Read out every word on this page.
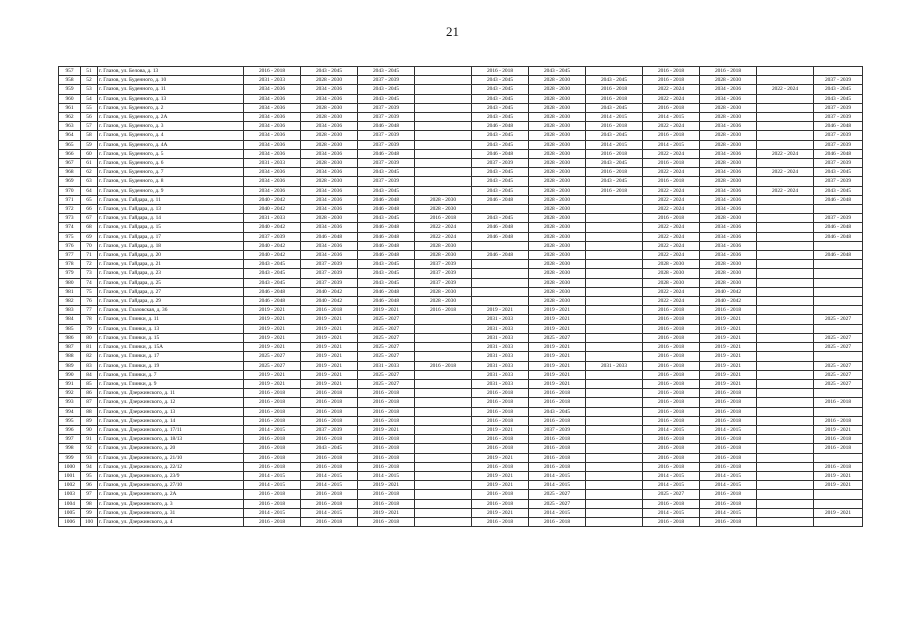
21
957	51	г. Глазов, ул. Белова, д. 13	2016 - 2018	2043 - 2045	2043 - 2045		2016 - 2018	2043 - 2045		2016 - 2018	2016 - 2018		
958	52	г. Глазов, ул. Буденного, д. 10	2031 - 2033	2028 - 2030	2037 - 2039		2043 - 2045	2028 - 2030	2043 - 2045	2016 - 2018	2028 - 2030		2037 - 2039
959	53	г. Глазов, ул. Буденного, д. 11	2034 - 2036	2034 - 2036	2043 - 2045		2043 - 2045	2028 - 2030	2016 - 2018	2022 - 2024	2034 - 2036	2022 - 2024	2043 - 2045
960	54	г. Глазов, ул. Буденного, д. 13	2034 - 2036	2034 - 2036	2043 - 2045		2043 - 2045	2028 - 2030	2016 - 2018	2022 - 2024	2034 - 2036		2043 - 2045
961	55	г. Глазов, ул. Буденного, д. 2	2034 - 2036	2028 - 2030	2037 - 2039		2043 - 2045	2028 - 2030	2043 - 2045	2016 - 2018	2028 - 2030		2037 - 2039
962	56	г. Глазов, ул. Буденного, д. 2А	2034 - 2036	2028 - 2030	2037 - 2039		2043 - 2045	2028 - 2030	2014 - 2015	2014 - 2015	2028 - 2030		2037 - 2039
963	57	г. Глазов, ул. Буденного, д. 3	2034 - 2036	2034 - 2036	2046 - 2048		2046 - 2048	2028 - 2030	2016 - 2018	2022 - 2024	2034 - 2036		2046 - 2048
964	58	г. Глазов, ул. Буденного, д. 4	2034 - 2036	2028 - 2030	2037 - 2039		2043 - 2045	2028 - 2030	2043 - 2045	2016 - 2018	2028 - 2030		2037 - 2039
965	59	г. Глазов, ул. Буденного, д. 4А	2034 - 2036	2028 - 2030	2037 - 2039		2043 - 2045	2028 - 2030	2014 - 2015	2014 - 2015	2028 - 2030		2037 - 2039
966	60	г. Глазов, ул. Буденного, д. 5	2034 - 2036	2034 - 2036	2046 - 2048		2046 - 2048	2028 - 2030	2016 - 2018	2022 - 2024	2034 - 2036	2022 - 2024	2046 - 2048
967	61	г. Глазов, ул. Буденного, д. 6	2031 - 2033	2028 - 2030	2037 - 2039		2037 - 2039	2028 - 2030	2043 - 2045	2016 - 2018	2028 - 2030		2037 - 2039
968	62	г. Глазов, ул. Буденного, д. 7	2034 - 2036	2034 - 2036	2043 - 2045		2043 - 2045	2028 - 2030	2016 - 2018	2022 - 2024	2034 - 2036	2022 - 2024	2043 - 2045
969	63	г. Глазов, ул. Буденного, д. 8	2034 - 2036	2028 - 2030	2037 - 2039		2043 - 2045	2028 - 2030	2043 - 2045	2016 - 2018	2028 - 2030		2037 - 2039
970	64	г. Глазов, ул. Буденного, д. 9	2034 - 2036	2034 - 2036	2043 - 2045		2043 - 2045	2028 - 2030	2016 - 2018	2022 - 2024	2034 - 2036	2022 - 2024	2043 - 2045
971	65	г. Глазов, ул. Гайдара, д. 11	2040 - 2042	2034 - 2036	2046 - 2048	2028 - 2030	2046 - 2048	2028 - 2030		2022 - 2024	2034 - 2036		2046 - 2048
972	66	г. Глазов, ул. Гайдара, д. 13	2040 - 2042	2034 - 2036	2046 - 2048	2028 - 2030		2028 - 2030		2022 - 2024	2034 - 2036		
973	67	г. Глазов, ул. Гайдара, д. 14	2031 - 2033	2028 - 2030	2043 - 2045	2016 - 2018	2043 - 2045	2028 - 2030		2016 - 2018	2028 - 2030		2037 - 2039
974	68	г. Глазов, ул. Гайдара, д. 15	2040 - 2042	2034 - 2036	2046 - 2048	2022 - 2024	2046 - 2048	2028 - 2030		2022 - 2024	2034 - 2036		2046 - 2048
975	69	г. Глазов, ул. Гайдара, д. 17	2037 - 2039	2046 - 2048	2046 - 2048	2022 - 2024	2046 - 2048	2028 - 2030		2022 - 2024	2034 - 2036		2046 - 2048
976	70	г. Глазов, ул. Гайдара, д. 18	2040 - 2042	2034 - 2036	2046 - 2048	2028 - 2030		2028 - 2030		2022 - 2024	2034 - 2036		
977	71	г. Глазов, ул. Гайдара, д. 20	2040 - 2042	2034 - 2036	2046 - 2048	2028 - 2030	2046 - 2048	2028 - 2030		2022 - 2024	2034 - 2036		2046 - 2048
978	72	г. Глазов, ул. Гайдара, д. 21	2043 - 2045	2037 - 2039	2043 - 2045	2037 - 2039		2028 - 2030		2028 - 2030	2028 - 2030		
979	73	г. Глазов, ул. Гайдара, д. 23	2043 - 2045	2037 - 2039	2043 - 2045	2037 - 2039		2028 - 2030		2028 - 2030	2028 - 2030		
980	74	г. Глазов, ул. Гайдара, д. 25	2043 - 2045	2037 - 2039	2043 - 2045	2037 - 2039		2028 - 2030		2028 - 2030	2028 - 2030		
981	75	г. Глазов, ул. Гайдара, д. 27	2046 - 2048	2040 - 2042	2046 - 2048	2028 - 2030		2028 - 2030		2022 - 2024	2040 - 2042		
982	76	г. Глазов, ул. Гайдара, д. 29	2046 - 2048	2040 - 2042	2046 - 2048	2028 - 2030		2028 - 2030		2022 - 2024	2040 - 2042		
983	77	г. Глазов, ул. Глазовская, д. 36	2019 - 2021	2016 - 2018	2019 - 2021	2016 - 2018	2019 - 2021	2019 - 2021		2016 - 2018	2016 - 2018		
984	78	г. Глазов, ул. Глинки, д. 11	2019 - 2021	2019 - 2021	2025 - 2027		2031 - 2033	2019 - 2021		2016 - 2018	2019 - 2021		2025 - 2027
985	79	г. Глазов, ул. Глинки, д. 13	2019 - 2021	2019 - 2021	2025 - 2027		2031 - 2033	2019 - 2021		2016 - 2018	2019 - 2021		
986	80	г. Глазов, ул. Глинки, д. 15	2019 - 2021	2019 - 2021	2025 - 2027		2031 - 2033	2025 - 2027		2016 - 2018	2019 - 2021		2025 - 2027
987	81	г. Глазов, ул. Глинки, д. 15А	2019 - 2021	2019 - 2021	2025 - 2027		2031 - 2033	2019 - 2021		2016 - 2018	2019 - 2021		2025 - 2027
988	82	г. Глазов, ул. Глинки, д. 17	2025 - 2027	2019 - 2021	2025 - 2027		2031 - 2033	2019 - 2021		2016 - 2018	2019 - 2021		
989	83	г. Глазов, ул. Глинки, д. 19	2025 - 2027	2019 - 2021	2031 - 2033	2016 - 2018	2031 - 2033	2019 - 2021	2031 - 2033	2016 - 2018	2019 - 2021		2025 - 2027
990	84	г. Глазов, ул. Глинки, д. 7	2019 - 2021	2019 - 2021	2025 - 2027		2031 - 2033	2019 - 2021		2016 - 2018	2019 - 2021		2025 - 2027
991	85	г. Глазов, ул. Глинки, д. 9	2019 - 2021	2019 - 2021	2025 - 2027		2031 - 2033	2019 - 2021		2016 - 2018	2019 - 2021		2025 - 2027
992	86	г. Глазов, ул. Дзержинского, д. 11	2016 - 2018	2016 - 2018	2016 - 2018		2016 - 2018	2016 - 2018		2016 - 2018	2016 - 2018		
993	87	г. Глазов, ул. Дзержинского, д. 12	2016 - 2018	2016 - 2018	2016 - 2018		2016 - 2018	2016 - 2018		2016 - 2018	2016 - 2018		2016 - 2018
994	88	г. Глазов, ул. Дзержинского, д. 13	2016 - 2018	2016 - 2018	2016 - 2018		2016 - 2018	2043 - 2045		2016 - 2018	2016 - 2018		
995	89	г. Глазов, ул. Дзержинского, д. 14	2016 - 2018	2016 - 2018	2016 - 2018		2016 - 2018	2016 - 2018		2016 - 2018	2016 - 2018		2016 - 2018
996	90	г. Глазов, ул. Дзержинского, д. 17/11	2014 - 2015	2037 - 2039	2019 - 2021		2019 - 2021	2037 - 2039		2014 - 2015	2014 - 2015		2019 - 2021
997	91	г. Глазов, ул. Дзержинского, д. 18/13	2016 - 2018	2016 - 2018	2016 - 2018		2016 - 2018	2016 - 2018		2016 - 2018	2016 - 2018		2016 - 2018
998	92	г. Глазов, ул. Дзержинского, д. 20	2016 - 2018	2043 - 2045	2016 - 2018		2016 - 2018	2016 - 2018		2016 - 2018	2016 - 2018		2016 - 2018
999	93	г. Глазов, ул. Дзержинского, д. 21/10	2016 - 2018	2016 - 2018	2016 - 2018		2019 - 2021	2016 - 2018		2016 - 2018	2016 - 2018		
1000	94	г. Глазов, ул. Дзержинского, д. 22/12	2016 - 2018	2016 - 2018	2016 - 2018		2016 - 2018	2016 - 2018		2016 - 2018	2016 - 2018		2016 - 2018
1001	95	г. Глазов, ул. Дзержинского, д. 23/9	2014 - 2015	2014 - 2015	2014 - 2015		2019 - 2021	2014 - 2015		2014 - 2015	2014 - 2015		2019 - 2021
1002	96	г. Глазов, ул. Дзержинского, д. 27/10	2014 - 2015	2014 - 2015	2019 - 2021		2019 - 2021	2014 - 2015		2014 - 2015	2014 - 2015		2019 - 2021
1003	97	г. Глазов, ул. Дзержинского, д. 2А	2016 - 2018	2016 - 2018	2016 - 2018		2016 - 2018	2025 - 2027		2025 - 2027	2016 - 2018		
1004	98	г. Глазов, ул. Дзержинского, д. 3	2016 - 2018	2016 - 2018	2016 - 2018		2016 - 2018	2025 - 2027		2016 - 2018	2016 - 2018		
1005	99	г. Глазов, ул. Дзержинского, д. 31	2014 - 2015	2014 - 2015	2019 - 2021		2019 - 2021	2014 - 2015		2014 - 2015	2014 - 2015		2019 - 2021
1006	100	г. Глазов, ул. Дзержинского, д. 4	2016 - 2018	2016 - 2018	2016 - 2018		2016 - 2018	2016 - 2018		2016 - 2018	2016 - 2018		
